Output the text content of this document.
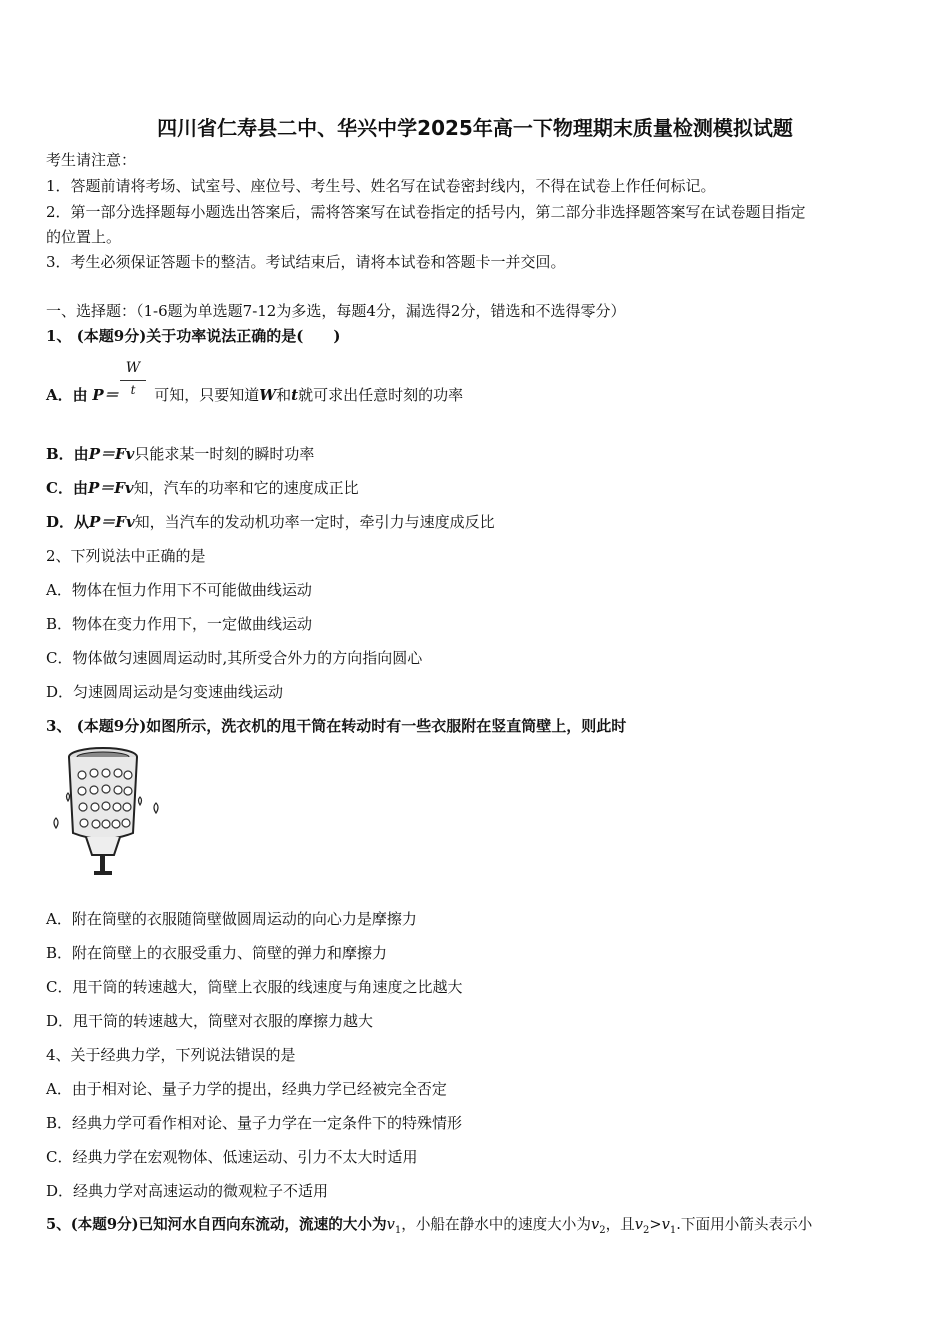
四川省仁寿县二中、华兴中学2025年高一下物理期末质量检测模拟试题
考生请注意：
1．答题前请将考场、试室号、座位号、考生号、姓名写在试卷密封线内，不得在试卷上作任何标记。
2．第一部分选择题每小题选出答案后，需将答案写在试卷指定的括号内，第二部分非选择题答案写在试卷题目指定
的位置上。
3．考生必须保证答题卡的整洁。考试结束后，请将本试卷和答题卡一并交回。
一、选择题：（1-6题为单选题7-12为多选，每题4分，漏选得2分，错选和不选得零分）
1、 (本题9分)关于功率说法正确的是(　　)
W
t
A．由 P＝ 可知，只要知道W和t就可求出任意时刻的功率
B．由P＝Fv只能求某一时刻的瞬时功率
C．由P＝Fv知，汽车的功率和它的速度成正比
D．从P＝Fv知，当汽车的发动机功率一定时，牵引力与速度成反比
2、下列说法中正确的是
A．物体在恒力作用下不可能做曲线运动
B．物体在变力作用下，一定做曲线运动
C．物体做匀速圆周运动时,其所受合外力的方向指向圆心
D．匀速圆周运动是匀变速曲线运动
3、 (本题9分)如图所示，洗衣机的甩干筒在转动时有一些衣服附在竖直筒壁上，则此时
A．附在筒壁的衣服随筒壁做圆周运动的向心力是摩擦力
B．附在筒壁上的衣服受重力、筒壁的弹力和摩擦力
C．甩干筒的转速越大，筒壁上衣服的线速度与角速度之比越大
D．甩干筒的转速越大，筒壁对衣服的摩擦力越大
4、关于经典力学，下列说法错误的是
A．由于相对论、量子力学的提出，经典力学已经被完全否定
B．经典力学可看作相对论、量子力学在一定条件下的特殊情形
C．经典力学在宏观物体、低速运动、引力不太大时适用
D．经典力学对高速运动的微观粒子不适用
5、(本题9分)已知河水自西向东流动，流速的大小为$v_1$，小船在静水中的速度大小为$v_2$，且$v_2>v_1$.下面用小箭头表示小
